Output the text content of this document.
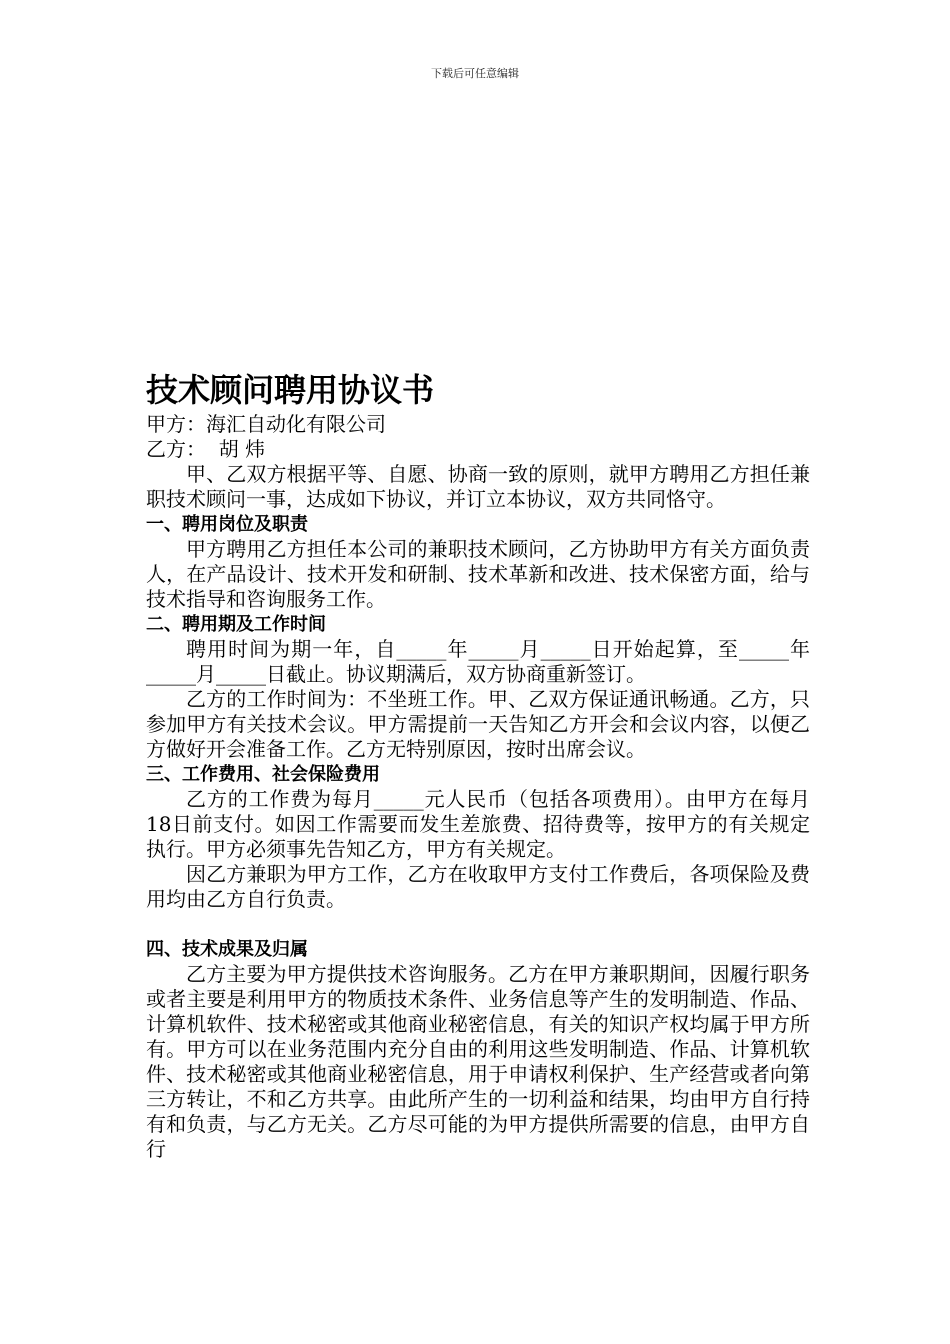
下载后可任意编辑
技术顾问聘用协议书

甲方：海汇自动化有限公司

乙方：  胡 炜

甲、乙双方根据平等、自愿、协商一致的原则，就甲方聘用乙方担任兼职技术顾问一事，达成如下协议，并订立本协议，双方共同恪守。

一、聘用岗位及职责

甲方聘用乙方担任本公司的兼职技术顾问，乙方协助甲方有关方面负责人，在产品设计、技术开发和研制、技术革新和改进、技术保密方面，给与技术指导和咨询服务工作。

二、聘用期及工作时间

聘用时间为期一年，自_____年_____月_____日开始起算，至_____年_____月_____日截止。协议期满后，双方协商重新签订。

乙方的工作时间为：不坐班工作。甲、乙双方保证通讯畅通。乙方，只参加甲方有关技术会议。甲方需提前一天告知乙方开会和会议内容，以便乙方做好开会准备工作。乙方无特别原因，按时出席会议。

三、工作费用、社会保险费用

乙方的工作费为每月_____元人民币（包括各项费用）。由甲方在每月18日前支付。如因工作需要而发生差旅费、招待费等，按甲方的有关规定执行。甲方必须事先告知乙方，甲方有关规定。

因乙方兼职为甲方工作，乙方在收取甲方支付工作费后，各项保险及费用均由乙方自行负责。

四、技术成果及归属

乙方主要为甲方提供技术咨询服务。乙方在甲方兼职期间，因履行职务或者主要是利用甲方的物质技术条件、业务信息等产生的发明制造、作品、计算机软件、技术秘密或其他商业秘密信息，有关的知识产权均属于甲方所有。甲方可以在业务范围内充分自由的利用这些发明制造、作品、计算机软件、技术秘密或其他商业秘密信息，用于申请权利保护、生产经营或者向第三方转让，不和乙方共享。由此所产生的一切利益和结果，均由甲方自行持有和负责，与乙方无关。乙方尽可能的为甲方提供所需要的信息，由甲方自行
